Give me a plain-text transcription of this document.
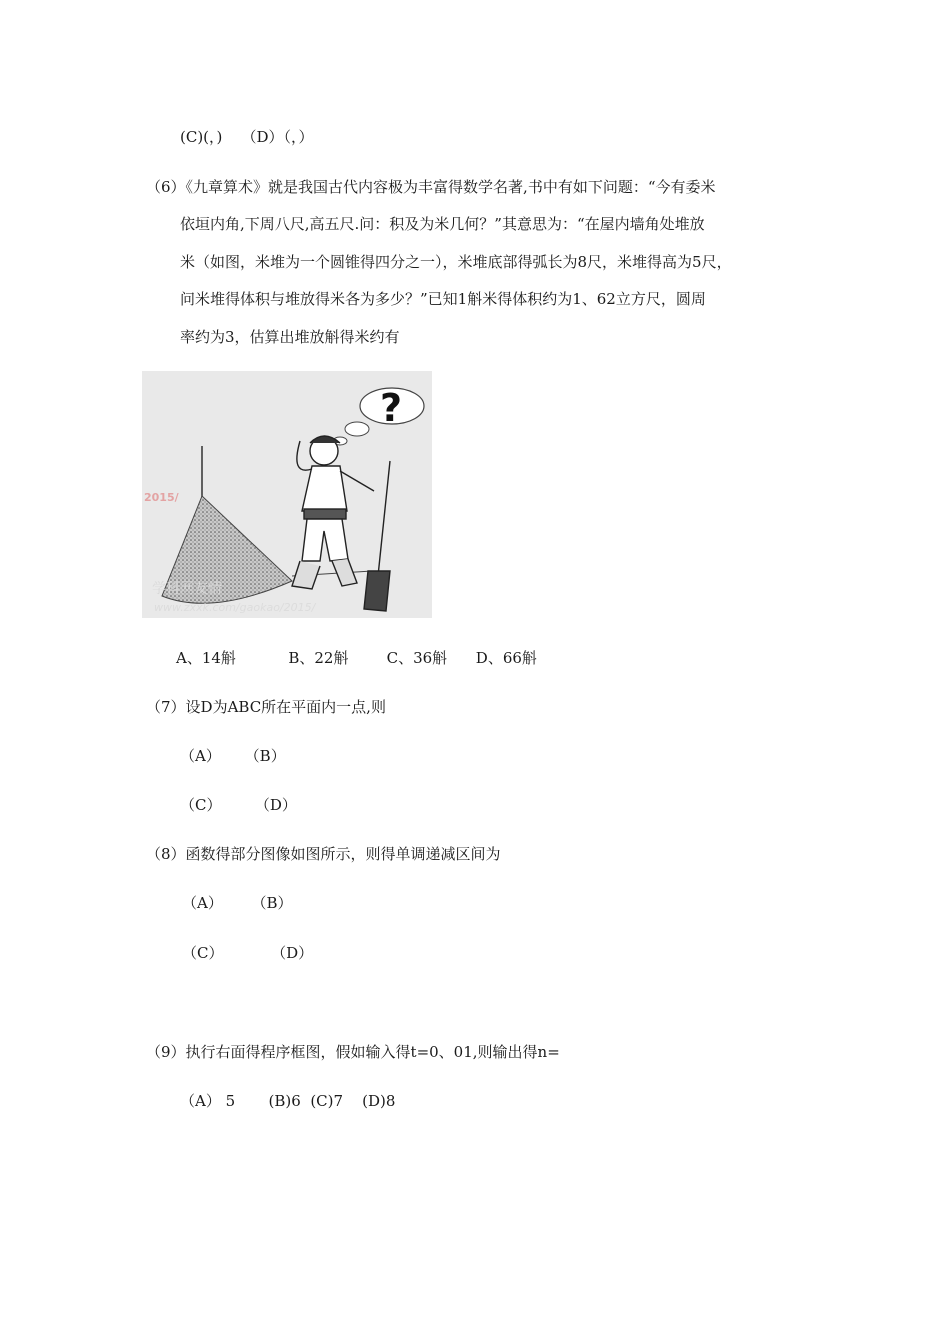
(C)(，)    （D）（，）
（6）《九章算术》就是我国古代内容极为丰富得数学名著,书中有如下问题：“今有委米
依垣内角,下周八尺,高五尺.问：积及为米几何？”其意思为：“在屋内墙角处堆放
米（如图，米堆为一个圆锥得四分之一），米堆底部得弧长为8尺，米堆得高为5尺，
问米堆得体积与堆放得米各为多少？”已知1斛米得体积约为1、62立方尺，圆周
率约为3，估算出堆放斛得米约有
?
2015/
学科网友情
www.zxxk.com/gaokao/2015/
A、14斛           B、22斛        C、36斛      D、66斛
（7）设D为ABC所在平面内一点,则
（A）     （B）
（C）       （D）
（8）函数得部分图像如图所示，则得单调递减区间为
（A）      （B）
（C）          （D）
（9）执行右面得程序框图，假如输入得t=0、01,则输出得n=
（A） 5       (B)6  (C)7    (D)8
